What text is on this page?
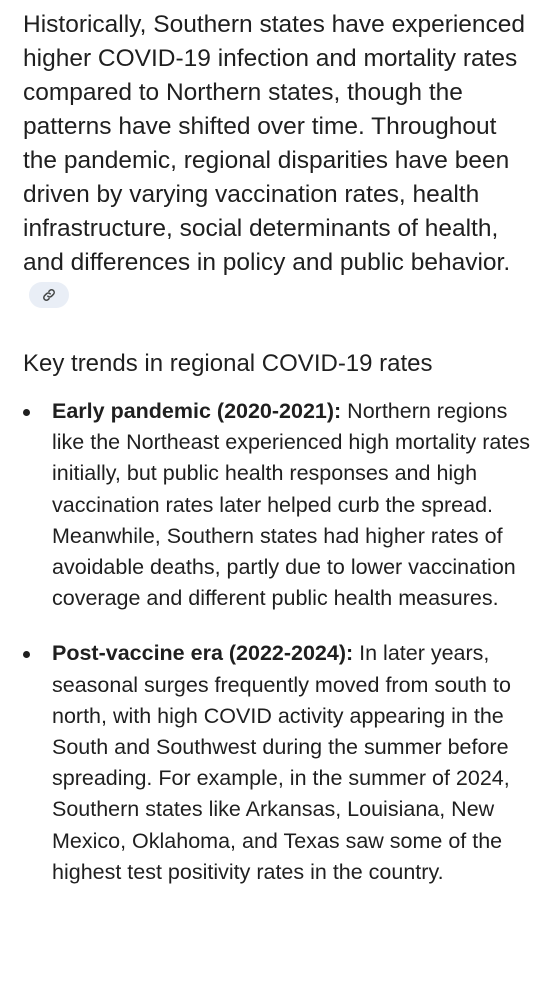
Historically, Southern states have experienced higher COVID-19 infection and mortality rates compared to Northern states, though the patterns have shifted over time. Throughout the pandemic, regional disparities have been driven by varying vaccination rates, health infrastructure, social determinants of health, and differences in policy and public behavior.

Key trends in regional COVID-19 rates
Early pandemic (2020-2021): Northern regions like the Northeast experienced high mortality rates initially, but public health responses and high vaccination rates later helped curb the spread. Meanwhile, Southern states had higher rates of avoidable deaths, partly due to lower vaccination coverage and different public health measures.
Post-vaccine era (2022-2024): In later years, seasonal surges frequently moved from south to north, with high COVID activity appearing in the South and Southwest during the summer before spreading. For example, in the summer of 2024, Southern states like Arkansas, Louisiana, New Mexico, Oklahoma, and Texas saw some of the highest test positivity rates in the country.
